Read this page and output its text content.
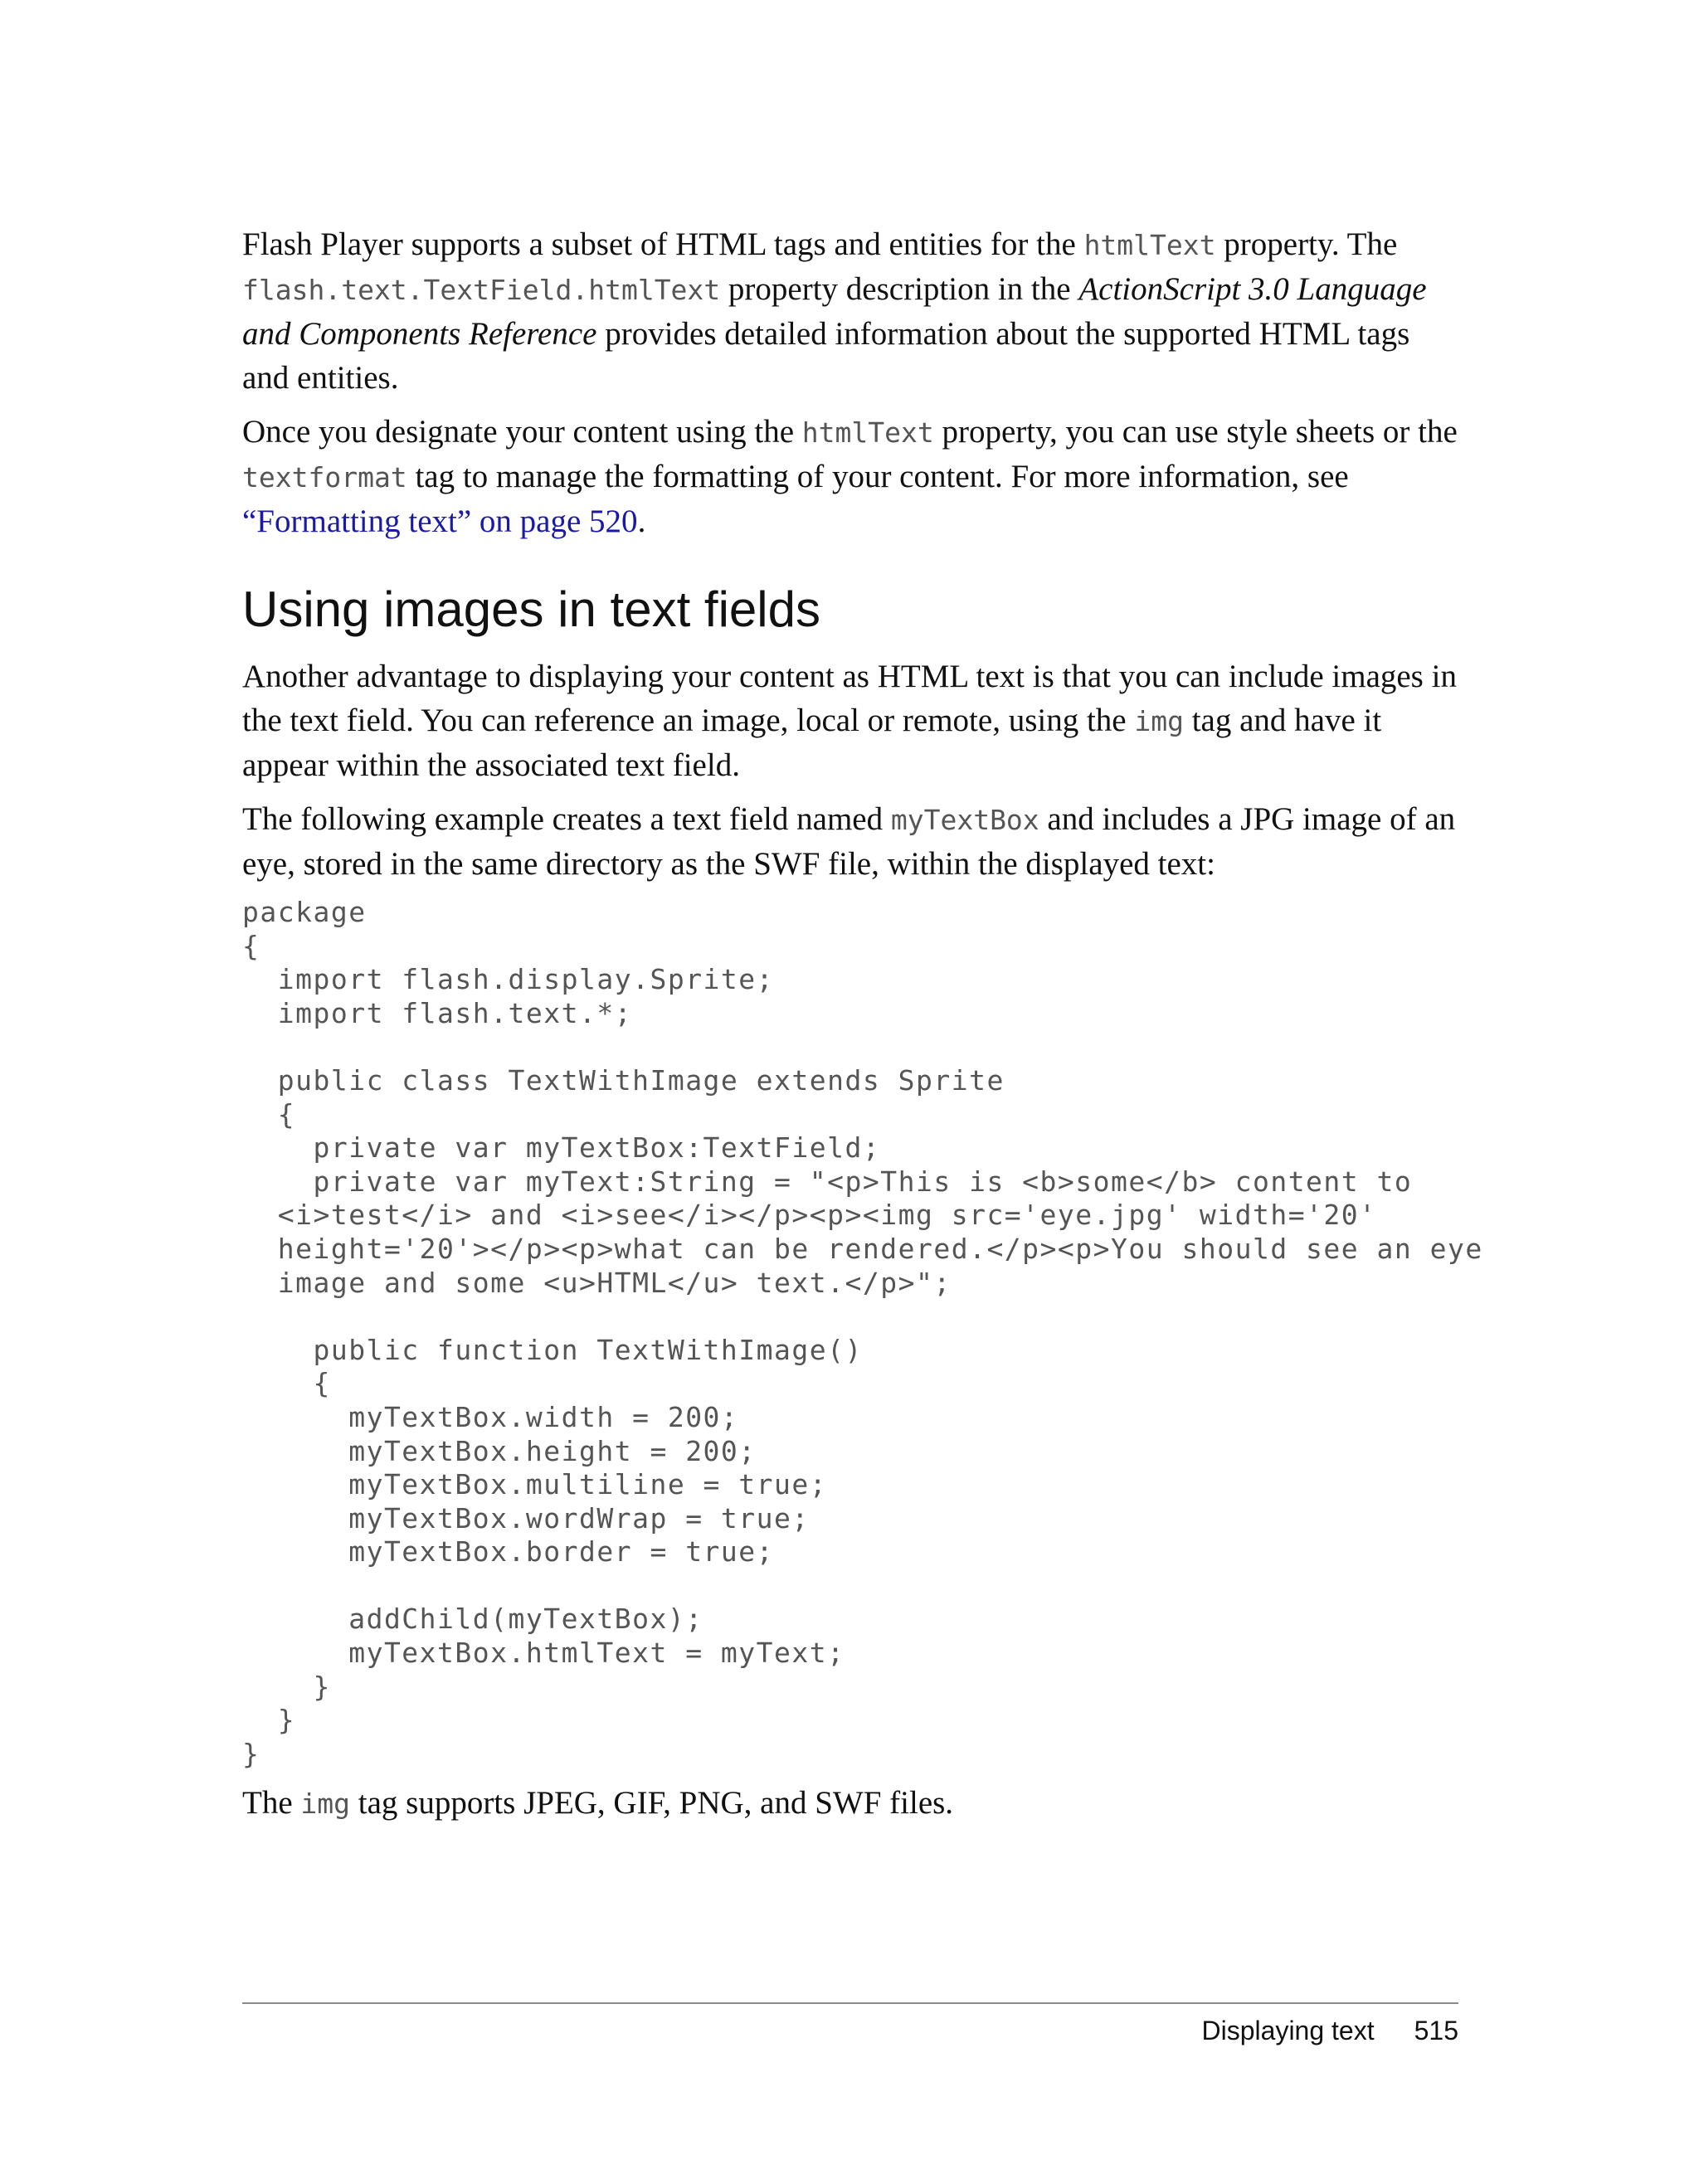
Flash Player supports a subset of HTML tags and entities for the htmlText property. The flash.text.TextField.htmlText property description in the ActionScript 3.0 Language and Components Reference provides detailed information about the supported HTML tags and entities.

Once you designate your content using the htmlText property, you can use style sheets or the textformat tag to manage the formatting of your content. For more information, see “Formatting text” on page 520.

Using images in text fields

Another advantage to displaying your content as HTML text is that you can include images in the text field. You can reference an image, local or remote, using the img tag and have it appear within the associated text field.

The following example creates a text field named myTextBox and includes a JPG image of an eye, stored in the same directory as the SWF file, within the displayed text:

package
{
import flash.display.Sprite;
import flash.text.*;
public class TextWithImage extends Sprite
{
private var myTextBox:TextField;
private var myText:String = "<p>This is <b>some</b> content to
<i>test</i> and <i>see</i></p><p><img src='eye.jpg' width='20'
height='20'></p><p>what can be rendered.</p><p>You should see an eye
image and some <u>HTML</u> text.</p>";
public function TextWithImage()
{
myTextBox.width = 200;
myTextBox.height = 200;
myTextBox.multiline = true;
myTextBox.wordWrap = true;
myTextBox.border = true;
addChild(myTextBox);
myTextBox.htmlText = myText;
}
}
}

The img tag supports JPEG, GIF, PNG, and SWF files.

Displaying text 515
